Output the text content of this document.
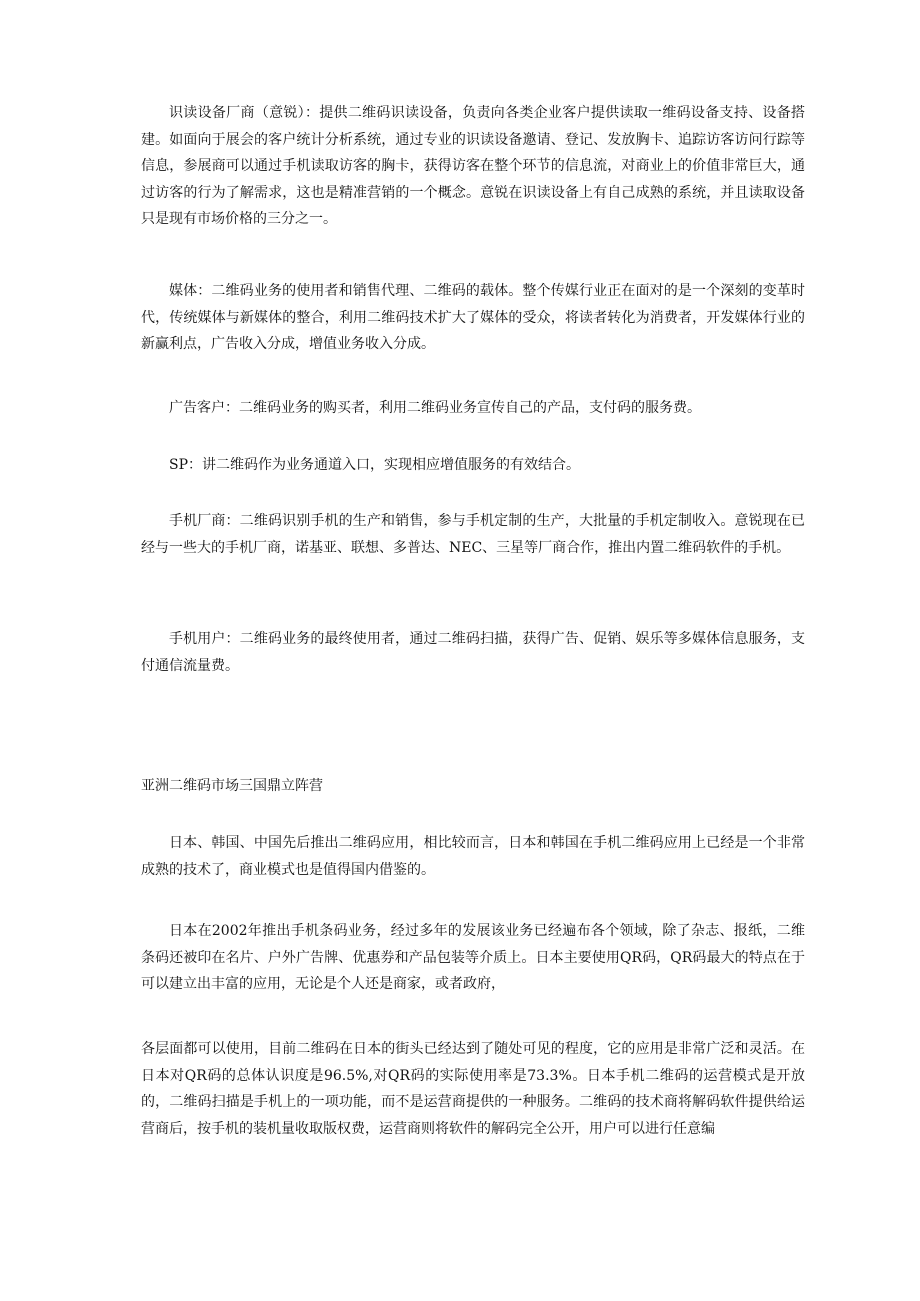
识读设备厂商（意锐）：提供二维码识读设备，负责向各类企业客户提供读取一维码设备支持、设备搭建。如面向于展会的客户统计分析系统，通过专业的识读设备邀请、登记、发放胸卡、追踪访客访问行踪等信息，参展商可以通过手机读取访客的胸卡，获得访客在整个环节的信息流，对商业上的价值非常巨大，通过访客的行为了解需求，这也是精准营销的一个概念。意锐在识读设备上有自己成熟的系统，并且读取设备只是现有市场价格的三分之一。

媒体：二维码业务的使用者和销售代理、二维码的载体。整个传媒行业正在面对的是一个深刻的变革时代，传统媒体与新媒体的整合，利用二维码技术扩大了媒体的受众，将读者转化为消费者，开发媒体行业的新赢利点，广告收入分成，增值业务收入分成。

广告客户：二维码业务的购买者，利用二维码业务宣传自己的产品，支付码的服务费。

SP：讲二维码作为业务通道入口，实现相应增值服务的有效结合。

手机厂商：二维码识别手机的生产和销售，参与手机定制的生产，大批量的手机定制收入。意锐现在已经与一些大的手机厂商，诺基亚、联想、多普达、NEC、三星等厂商合作，推出内置二维码软件的手机。

手机用户：二维码业务的最终使用者，通过二维码扫描，获得广告、促销、娱乐等多媒体信息服务，支付通信流量费。

亚洲二维码市场三国鼎立阵营

日本、韩国、中国先后推出二维码应用，相比较而言，日本和韩国在手机二维码应用上已经是一个非常成熟的技术了，商业模式也是值得国内借鉴的。

日本在2002年推出手机条码业务，经过多年的发展该业务已经遍布各个领域，除了杂志、报纸，二维条码还被印在名片、户外广告牌、优惠券和产品包装等介质上。日本主要使用QR码，QR码最大的特点在于可以建立出丰富的应用，无论是个人还是商家，或者政府，

各层面都可以使用，目前二维码在日本的街头已经达到了随处可见的程度，它的应用是非常广泛和灵活。在日本对QR码的总体认识度是96.5%,对QR码的实际使用率是73.3%。日本手机二维码的运营模式是开放的，二维码扫描是手机上的一项功能，而不是运营商提供的一种服务。二维码的技术商将解码软件提供给运营商后，按手机的装机量收取版权费，运营商则将软件的解码完全公开，用户可以进行任意编
